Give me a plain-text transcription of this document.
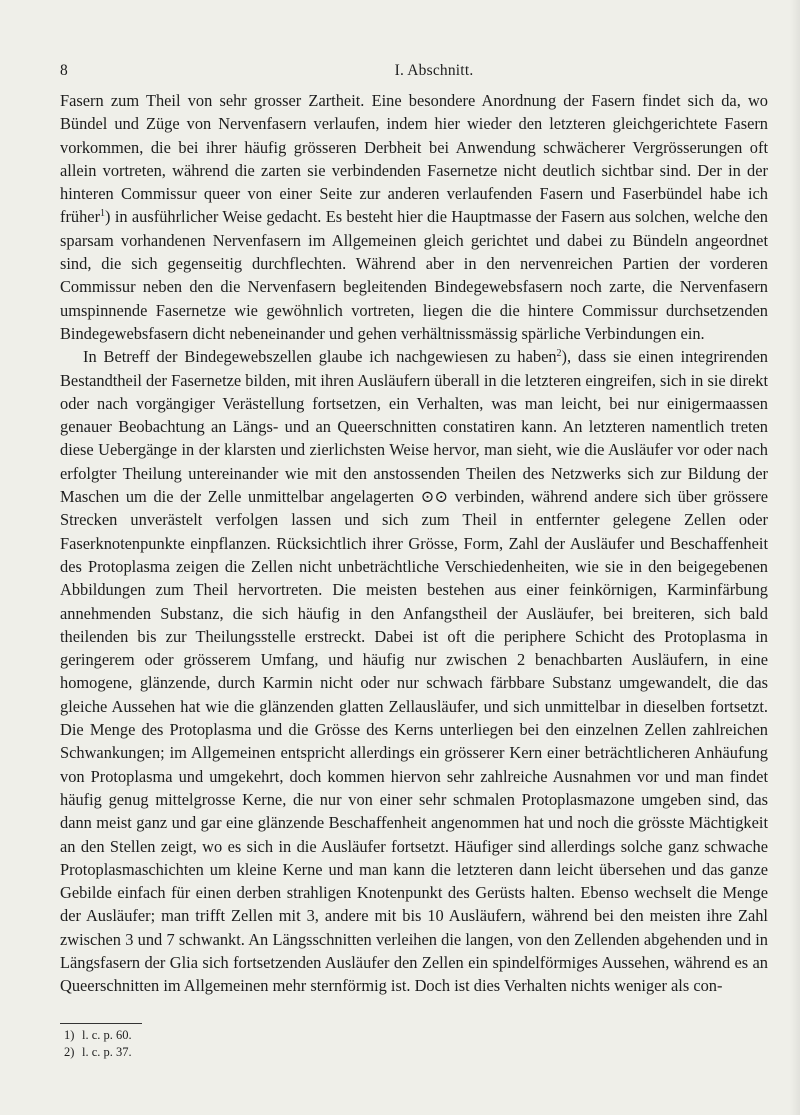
8	I. Abschnitt.

Fasern zum Theil von sehr grosser Zartheit. Eine besondere Anordnung der Fasern findet sich da, wo Bündel und Züge von Nervenfasern verlaufen, indem hier wieder den letzteren gleichgerichtete Fasern vorkommen, die bei ihrer häufig grösseren Derbheit bei Anwendung schwächerer Vergrösserungen oft allein vortreten, während die zarten sie verbindenden Fasernetze nicht deutlich sichtbar sind. Der in der hinteren Commissur queer von einer Seite zur anderen verlaufenden Fasern und Faserbündel habe ich früher$^1$) in ausführlicher Weise gedacht. Es besteht hier die Hauptmasse der Fasern aus solchen, welche den sparsam vorhandenen Nervenfasern im Allgemeinen gleich gerichtet und dabei zu Bündeln angeordnet sind, die sich gegenseitig durchflechten. Während aber in den nervenreichen Partien der vorderen Commissur neben den die Nervenfasern begleitenden Bindegewebsfasern noch zarte, die Nervenfasern umspinnende Fasernetze wie gewöhnlich vortreten, liegen die die hintere Commissur durchsetzenden Bindegewebsfasern dicht nebeneinander und gehen verhältnissmässig spärliche Verbindungen ein.

In Betreff der Bindegewebszellen glaube ich nachgewiesen zu haben$^2$), dass sie einen integrirenden Bestandtheil der Fasernetze bilden, mit ihren Ausläufern überall in die letzteren eingreifen, sich in sie direkt oder nach vorgängiger Verästellung fortsetzen, ein Verhalten, was man leicht, bei nur einigermaassen genauer Beobachtung an Längs- und an Queerschnitten constatiren kann. An letzteren namentlich treten diese Uebergänge in der klarsten und zierlichsten Weise hervor, man sieht, wie die Ausläufer vor oder nach erfolgter Theilung untereinander wie mit den anstossenden Theilen des Netzwerks sich zur Bildung der Maschen um die der Zelle unmittelbar angelagerten ⊙⊙ verbinden, während andere sich über grössere Strecken unverästelt verfolgen lassen und sich zum Theil in entfernter gelegene Zellen oder Faserknotenpunkte einpflanzen. Rücksichtlich ihrer Grösse, Form, Zahl der Ausläufer und Beschaffenheit des Protoplasma zeigen die Zellen nicht unbeträchtliche Verschiedenheiten, wie sie in den beigegebenen Abbildungen zum Theil hervortreten. Die meisten bestehen aus einer feinkörnigen, Karminfärbung annehmenden Substanz, die sich häufig in den Anfangstheil der Ausläufer, bei breiteren, sich bald theilenden bis zur Theilungsstelle erstreckt. Dabei ist oft die periphere Schicht des Protoplasma in geringerem oder grösserem Umfang, und häufig nur zwischen 2 benachbarten Ausläufern, in eine homogene, glänzende, durch Karmin nicht oder nur schwach färbbare Substanz umgewandelt, die das gleiche Aussehen hat wie die glänzenden glatten Zellausläufer, und sich unmittelbar in dieselben fortsetzt. Die Menge des Protoplasma und die Grösse des Kerns unterliegen bei den einzelnen Zellen zahlreichen Schwankungen; im Allgemeinen entspricht allerdings ein grösserer Kern einer beträchtlicheren Anhäufung von Protoplasma und umgekehrt, doch kommen hiervon sehr zahlreiche Ausnahmen vor und man findet häufig genug mittelgrosse Kerne, die nur von einer sehr schmalen Protoplasmazone umgeben sind, das dann meist ganz und gar eine glänzende Beschaffenheit angenommen hat und noch die grösste Mächtigkeit an den Stellen zeigt, wo es sich in die Ausläufer fortsetzt. Häufiger sind allerdings solche ganz schwache Protoplasmaschichten um kleine Kerne und man kann die letzteren dann leicht übersehen und das ganze Gebilde einfach für einen derben strahligen Knotenpunkt des Gerüsts halten. Ebenso wechselt die Menge der Ausläufer; man trifft Zellen mit 3, andere mit bis 10 Ausläufern, während bei den meisten ihre Zahl zwischen 3 und 7 schwankt. An Längsschnitten verleihen die langen, von den Zellenden abgehenden und in Längsfasern der Glia sich fortsetzenden Ausläufer den Zellen ein spindelförmiges Aussehen, während es an Queerschnitten im Allgemeinen mehr sternförmig ist. Doch ist dies Verhalten nichts weniger als con-

1) l. c. p. 60.
2) l. c. p. 37.
